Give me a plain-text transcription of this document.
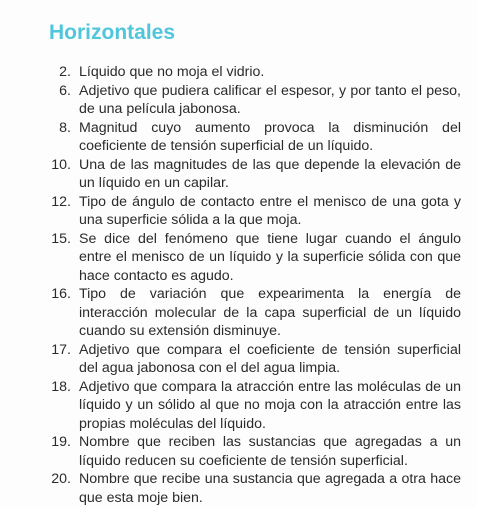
Horizontales
2. Líquido que no moja el vidrio.
6. Adjetivo que pudiera calificar el espesor, y por tanto el peso, de una película jabonosa.
8. Magnitud cuyo aumento provoca la disminución del coeficiente de tensión superficial de un líquido.
10. Una de las magnitudes de las que depende la elevación de un líquido en un capilar.
12. Tipo de ángulo de contacto entre el menisco de una gota y una superficie sólida a la que moja.
15. Se dice del fenómeno que tiene lugar cuando el ángulo entre el menisco de un líquido y la superficie sólida con que hace contacto es agudo.
16. Tipo de variación que expearimenta la energía de interacción molecular de la capa superficial de un líquido cuando su extensión disminuye.
17. Adjetivo que compara el coeficiente de tensión superficial del agua jabonosa con el del agua limpia.
18. Adjetivo que compara la atracción entre las moléculas de un líquido y un sólido al que no moja con la atracción entre las propias moléculas del líquido.
19. Nombre que reciben las sustancias que agregadas a un líquido reducen su coeficiente de tensión superficial.
20. Nombre que recibe una sustancia que agregada a otra hace que esta moje bien.
